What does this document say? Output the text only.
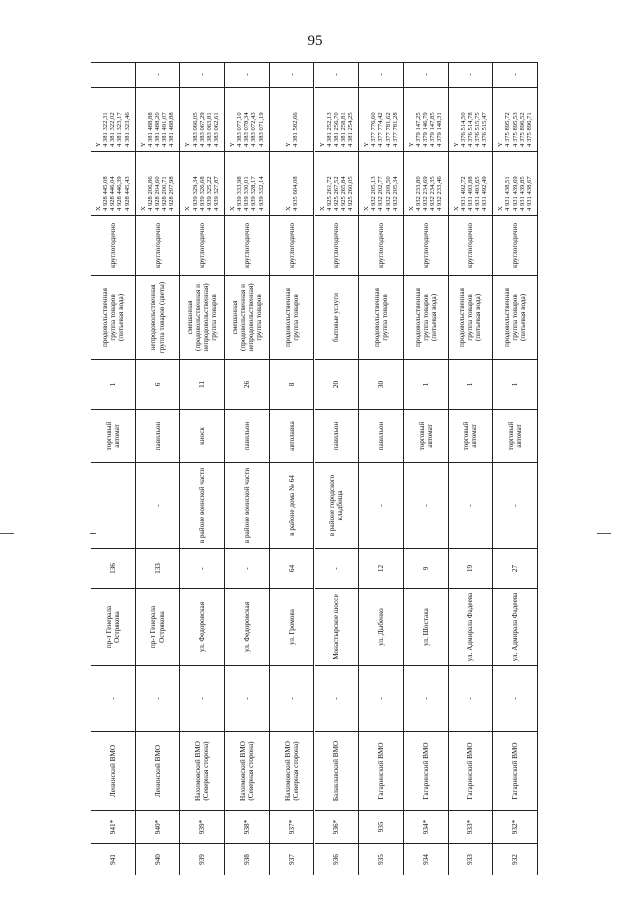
95
941
941*
Ленинский ВМО
-
пр-т Генерала Острякова
136
торговый автомат
1
продовольственная группа товаров (питьевая вода)
круглогодично
X
4 928 445,08
4 928 446,04
4 928 446,39
4 928 445,43
Y
4 381 322,31
4 381 322,02
4 381 323,17
4 381 323,46
940
940*
Ленинский ВМО
-
пр-т Генерала Острякова
133
-
павильон
6
непродовольственная группа товаров (цветы)
круглогодично
X
4 928 206,86
4 928 204,60
4 928 200,71
4 928 207,98
Y
4 381 488,88
4 381 488,20
4 381 491,07
4 381 488,88
-
939
939*
Нахимовский ВМО (Северная сторона)
-
ул. Федоровская
-
в районе воинской части
киоск
11
смешанная (продовольственная и непродовольственная) группа товаров
круглогодично
X
4 939 329,34
4 939 326,68
4 939 325,22
4 939 327,87
Y
4 383 066,05
4 383 067,29
4 383 063,81
4 383 062,61
-
938
938*
Нахимовский ВМО (Северная сторона)
-
ул. Федоровская
-
в районе воинской части
павильон
26
смешанная (продовольственная и непродовольственная) группа товаров
круглогодично
X
4 939 333,98
4 939 330,01
4 939 328,17
4 939 332,14
Y
4 383 077,10
4 383 078,34
4 383 072,43
4 383 071,19
-
937
937*
Нахимовский ВМО (Северная сторона)
-
ул. Громова
64
в районе дома № 64
автолавка
8
продовольственная группа товаров
круглогодично
X
4 935 604,08
Y
4 381 582,66
-
936
936*
Балаклавский ВМО
-
Монастырское шоссе
-
в районе городского кладбища
павильон
20
бытовые услуги
круглогодично
X
4 925 261,72
4 925 267,52
4 925 265,84
4 925 260,05
Y
4 381 252,13
4 381 256,70
4 381 258,81
4 381 254,25
-
935
935
Гагаринский ВМО
-
ул. Дыбенко
12
-
павильон
30
продовольственная группа товаров
круглогодично
X
4 932 205,13
4 932 202,77
4 932 209,50
4 932 205,34
Y
4 377 776,60
4 377 774,42
4 377 781,62
4 377 781,28
-
934
934*
Гагаринский ВМО
-
ул. Шостака
9
-
торговый автомат
1
продовольственная группа товаров (питьевая вода)
круглогодично
X
4 932 233,80
4 932 234,69
4 932 234,35
4 932 233,46
Y
4 379 147,25
4 379 146,79
4 379 147,85
4 379 148,31
-
933
933*
Гагаринский ВМО
-
ул. Адмирала Фадеева
19
-
торговый автомат
1
продовольственная группа товаров (питьевая вода)
круглогодично
X
4 931 492,72
4 931 493,88
4 931 493,65
4 931 492,49
Y
4 376 514,50
4 376 514,78
4 376 515,75
4 376 515,47
-
932
932*
Гагаринский ВМО
-
ул. Адмирала Фадеева
27
-
торговый автомат
1
продовольственная группа товаров (питьевая вода)
круглогодично
X
4 931 438,51
4 931 439,69
4 931 439,85
4 931 438,67
Y
4 375 895,72
4 375 895,53
4 375 896,52
4 375 896,71
-
